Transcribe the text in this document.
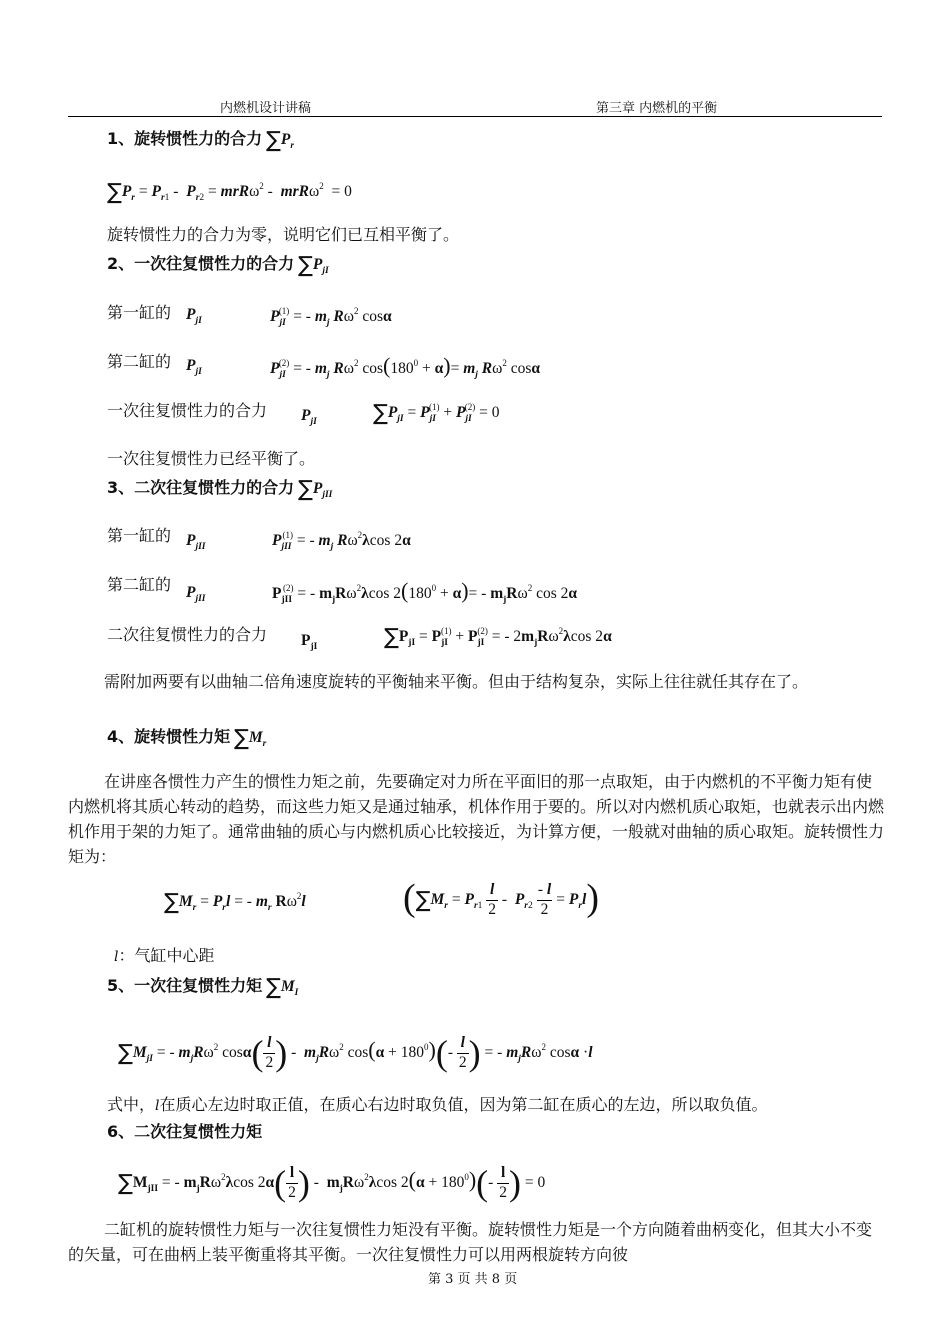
内燃机设计讲稿	第三章 内燃机的平衡
1、旋转惯性力的合力 $\sum P_r$
$\sum P_r = P_{r1} - P_{r2} = mrR\omega^2 - mrR\omega^2 = 0$
旋转惯性力的合力为零，说明它们已互相平衡了。
2、一次往复惯性力的合力 $\sum P_{jI}$
第一缸的 $P_{jI}$	$P_{jI}^{(1)}$ = - $m_j$ $R\omega^2$ cosα
第二缸的 $P_{jI}$	$P_{jI}^{(2)}$ = - $m_j$ $R\omega^2$ $\cos(180^0 + \alpha)= m_j$ $R\omega^2$ cosα
一次往复惯性力的合力 $P_{jI}$	$\sum P_{jI} = P_{jI}^{(1)} + P_{jI}^{(2)} = 0$
一次往复惯性力已经平衡了。
3、二次往复惯性力的合力 $\sum P_{jII}$
第一缸的 $P_{jII}$	$P_{jII}^{(1)}$ = - $m_j$ $R\omega^2\lambda\cos$ 2α
第二缸的 $P_{jII}$	$P_{jII}^{(2)}$ = - $m_jR\omega^2\lambda\cos$ $2(180^0 + \alpha)= - m_jR\omega^2$ cos 2α
二次往复惯性力的合力 $P_{jI}$	$\sum P_{jI} = P_{jI}^{(1)} + P_{jI}^{(2)}$ = - $2m_jR\omega^2\lambda\cos$ 2α
需附加两要有以曲轴二倍角速度旋转的平衡轴来平衡。但由于结构复杂，实际上往往就任其存在了。
4、旋转惯性力矩 $\sum M_r$
在讲座各惯性力产生的惯性力矩之前，先要确定对力所在平面旧的那一点取矩，由于内燃机的不平衡力矩有使内燃机将其质心转动的趋势，而这些力矩又是通过轴承，机体作用于要的。所以对内燃机质心取矩，也就表示出内燃机作用于架的力矩了。通常曲轴的质心与内燃机质心比较接近，为计算方便，一般就对曲轴的质心取矩。旋转惯性力矩为：
$\sum M_r = P_rl$ = - $m_r$ $R\omega^2l$	($\sum M_r = P_{r1} \frac{l}{2} - P_{r2} - l$
$2 = P_rl$)
l：气缸中心距
5、一次往复惯性力矩 $\sum M_I$
$\sum M_{jI}$ = - $m_jR\omega^2$ $\cos\alpha(\frac{l}{2}) - m_jR\omega^2$ $\cos(\alpha + 180^0)(- \frac{l}{2})$ = - $m_jR\omega^2$ cosα ·l
式中，l在质心左边时取正值，在质心右边时取负值，因为第二缸在质心的左边，所以取负值。
6、二次往复惯性力矩
$\sum M_{jII}$ = - $m_jR\omega^2\lambda\cos$ $2\alpha(\frac{l}{2}) - m_jR\omega^2\lambda\cos$ $2(\alpha + 180^0)(- \frac{l}{2}) = 0$
二缸机的旋转惯性力矩与一次往复惯性力矩没有平衡。旋转惯性力矩是一个方向随着曲柄变化，但其大小不变的矢量，可在曲柄上装平衡重将其平衡。一次往复惯性力可以用两根旋转方向彼
第 3 页 共 8 页
